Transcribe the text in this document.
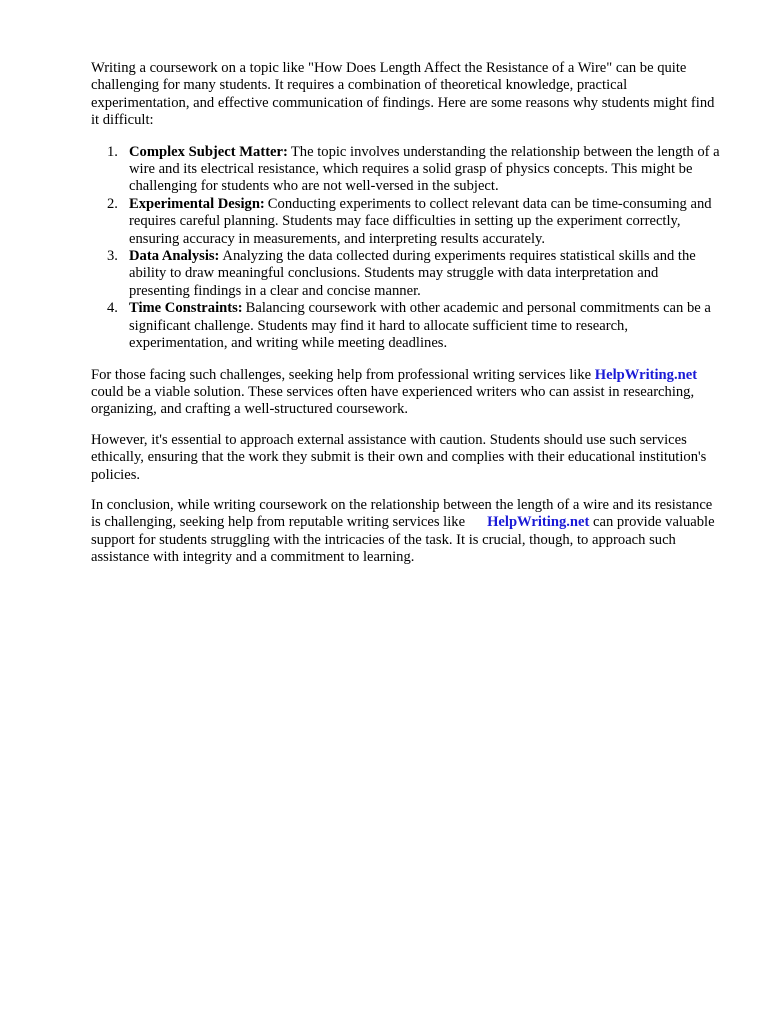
Writing a coursework on a topic like "How Does Length Affect the Resistance of a Wire" can be quite challenging for many students. It requires a combination of theoretical knowledge, practical experimentation, and effective communication of findings. Here are some reasons why students might find it difficult:

1. Complex Subject Matter: The topic involves understanding the relationship between the length of a wire and its electrical resistance, which requires a solid grasp of physics concepts. This might be challenging for students who are not well-versed in the subject.
2. Experimental Design: Conducting experiments to collect relevant data can be time-consuming and requires careful planning. Students may face difficulties in setting up the experiment correctly, ensuring accuracy in measurements, and interpreting results accurately.
3. Data Analysis: Analyzing the data collected during experiments requires statistical skills and the ability to draw meaningful conclusions. Students may struggle with data interpretation and presenting findings in a clear and concise manner.
4. Time Constraints: Balancing coursework with other academic and personal commitments can be a significant challenge. Students may find it hard to allocate sufficient time to research, experimentation, and writing while meeting deadlines.

For those facing such challenges, seeking help from professional writing services like HelpWriting.netcould be a viable solution. These services often have experienced writers who can assist in researching, organizing, and crafting a well-structured coursework.

However, it's essential to approach external assistance with caution. Students should use such services ethically, ensuring that the work they submit is their own and complies with their educational institution's policies.

In conclusion, while writing coursework on the relationship between the length of a wire and its resistance is challenging, seeking help from reputable writing services like HelpWriting.net can provide valuable support for students struggling with the intricacies of the task. It is crucial, though, to approach such assistance with integrity and a commitment to learning.
